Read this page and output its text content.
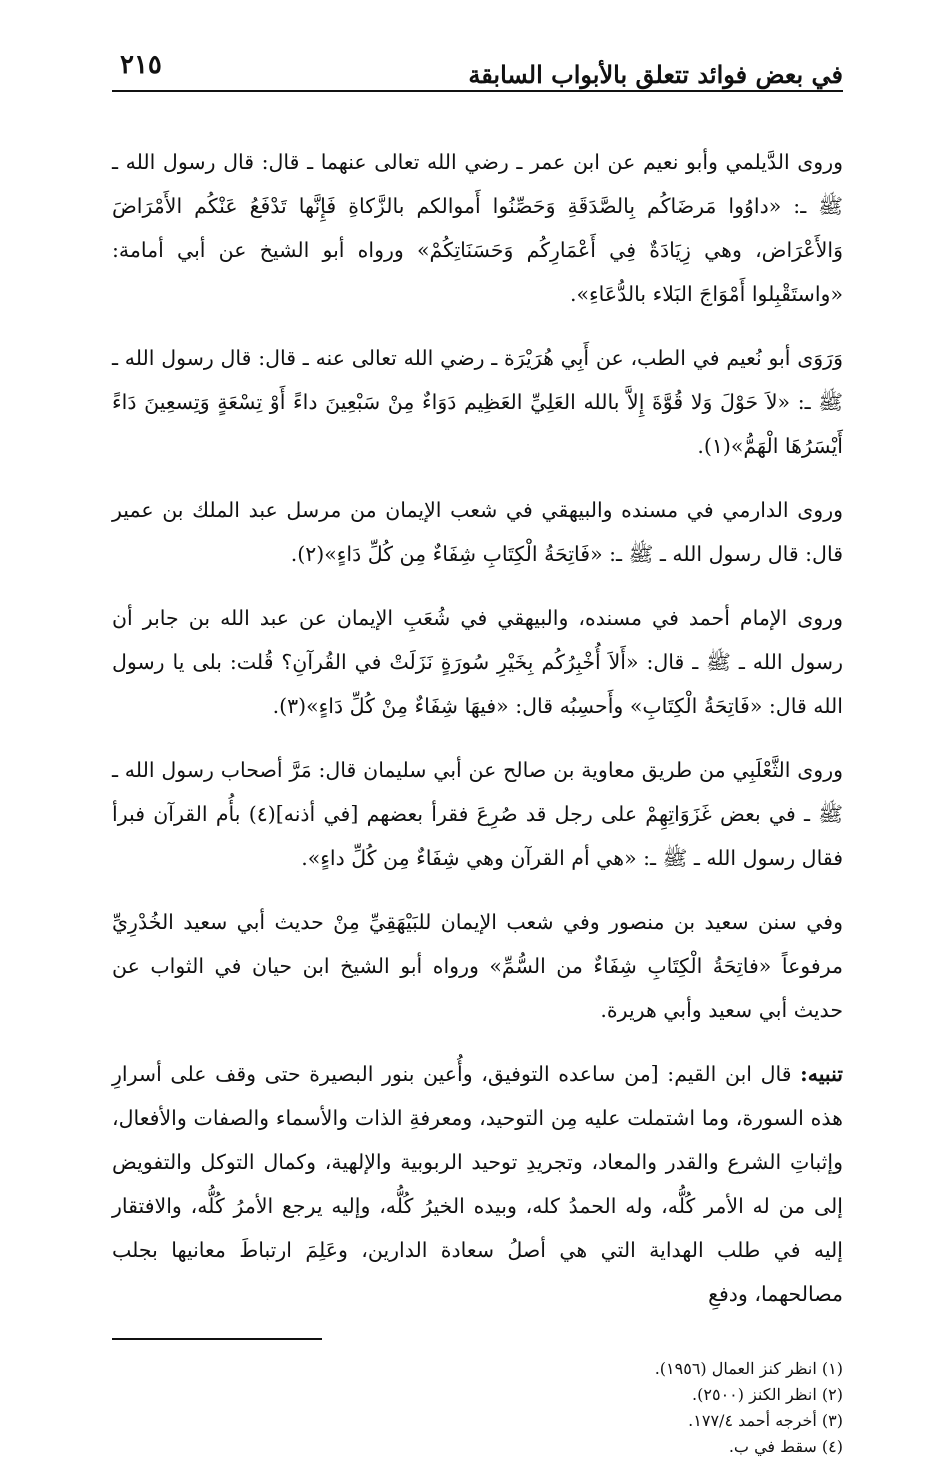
في بعض فوائد تتعلق بالأبواب السابقة
٢١٥

وروى الدَّيلمي وأبو نعيم عن ابن عمر ـ رضي الله تعالى عنهما ـ قال: قال رسول الله ـ ﷺ ـ: «داوُوا مَرضَاكُم بِالصَّدَقَةِ وَحَصِّنُوا أَموالكم بالزَّكاةِ فَإِنَّها تَدْفَعُ عَنْكُم الأَمْرَاضَ وَالأَعْرَاض، وهي زِيَادَةٌ فِي أَعْمَارِكُم وَحَسَنَاتِكُمْ» ورواه أبو الشيخ عن أبي أمامة: «واستَقْبِلوا أَمْوَاجَ البَلاء بالدُّعَاءِ».

وَرَوَى أبو نُعيم في الطب، عن أَبِي هُرَيْرَة ـ رضي الله تعالى عنه ـ قال: قال رسول الله ـ ﷺ ـ: «لاَ حَوْلَ وَلا قُوَّةَ إِلاَّ بالله العَلِيِّ العَظِيم دَوَاءٌ مِنْ سَبْعِينَ داءً أَوْ تِسْعَةٍ وَتِسعِينَ دَاءً أَيْسَرُهَا الْهَمُّ»(١).

وروى الدارمي في مسنده والبيهقي في شعب الإيمان من مرسل عبد الملك بن عمير قال: قال رسول الله ـ ﷺ ـ: «فَاتِحَةُ الْكِتَابِ شِفَاءٌ مِن كُلِّ دَاءٍ»(٢).

وروى الإمام أحمد في مسنده، والبيهقي في شُعَبِ الإيمان عن عبد الله بن جابر أن رسول الله ـ ﷺ ـ قال: «أَلاَ أُخْبِرُكُم بِخَيْرِ سُورَةٍ نَزَلَتْ في القُرآنِ؟ قُلت: بلى يا رسول الله قال: «فَاتِحَةُ الْكِتَابِ» وأَحسِبُه قال: «فيهَا شِفَاءٌ مِنْ كُلِّ دَاءٍ»(٣).

وروى الثَّعْلَبِي من طريق معاوية بن صالح عن أبي سليمان قال: مَرَّ أصحاب رسول الله ـ ﷺ ـ في بعض غَزَوَاتِهِمْ على رجل قد صُرِعَ فقرأ بعضهم [في أذنه](٤) بأُم القرآن فبرأ فقال رسول الله ـ ﷺ ـ: «هي أم القرآن وهي شِفَاءٌ مِن كُلِّ داءٍ».

وفي سنن سعيد بن منصور وفي شعب الإيمان للبَيْهَقِيِّ مِنْ حديث أبي سعيد الخُدْرِيِّ مرفوعاً «فاتِحَةُ الْكِتَابِ شِفَاءٌ من السُّمِّ» ورواه أبو الشيخ ابن حيان في الثواب عن حديث أبي سعيد وأبي هريرة.

تنبيه: قال ابن القيم: [من ساعده التوفيق، وأُعين بنور البصيرة حتى وقف على أسرارِ هذه السورة، وما اشتملت عليه مِن التوحيد، ومعرفةِ الذات والأسماء والصفات والأفعال، وإثباتِ الشرع والقدر والمعاد، وتجريدِ توحيد الربوبية والإلهية، وكمال التوكل والتفويض إلى من له الأمر كُلُّه، وله الحمدُ كله، وبيده الخيرُ كُلُّه، وإليه يرجع الأمرُ كُلُّه، والافتقار إليه في طلب الهداية التي هي أصلُ سعادة الدارين، وعَلِمَ ارتباطَ معانيها بجلب مصالحهما، ودفعِ

(١) انظر كنز العمال (١٩٥٦).
(٢) انظر الكنز (٢٥٠٠).
(٣) أخرجه أحمد ١٧٧/٤.
(٤) سقط في ب.
